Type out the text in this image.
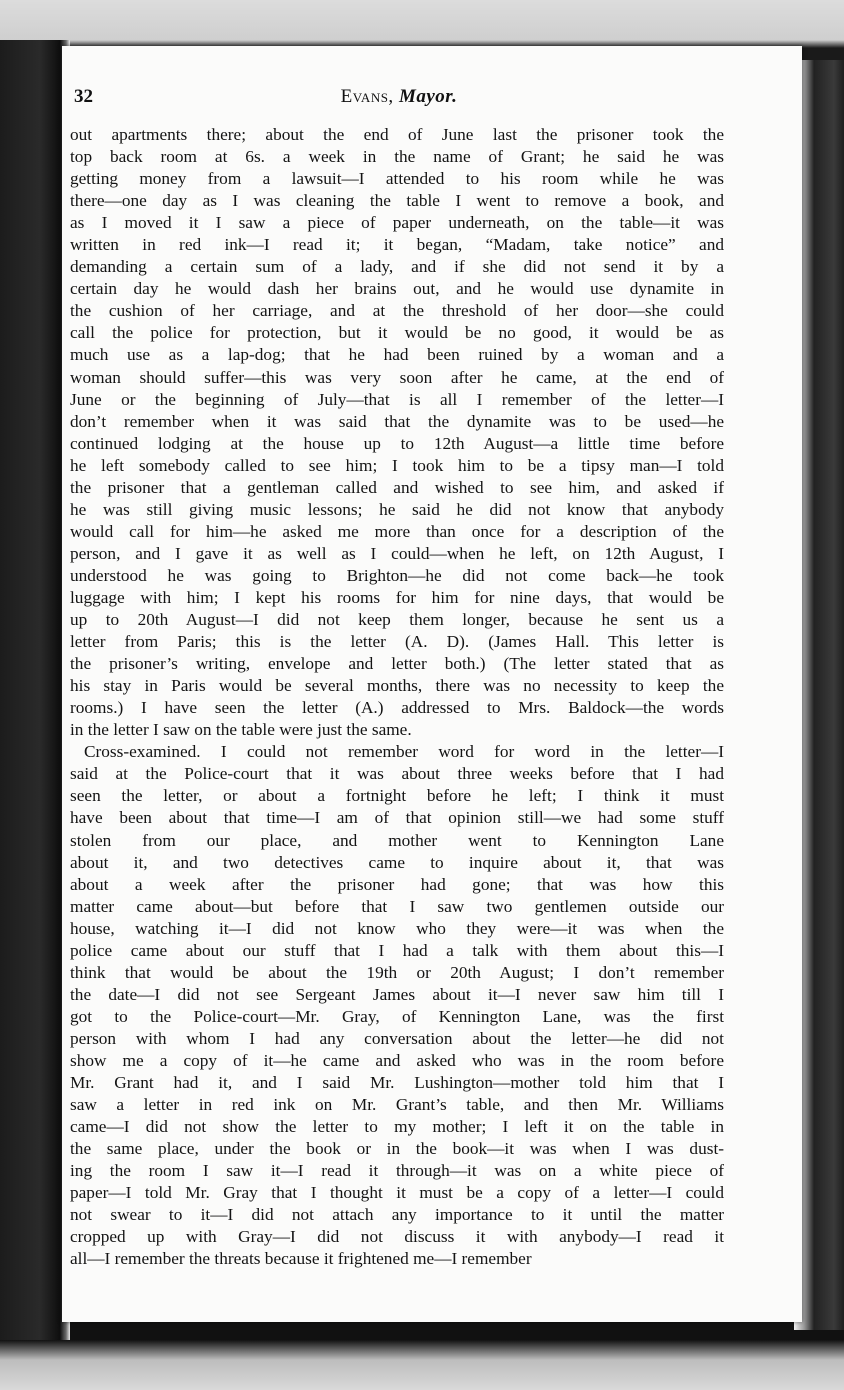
32	Evans, Mayor.
out apartments there; about the end of June last the prisoner took the
top back room at 6s. a week in the name of Grant; he said he was
getting money from a lawsuit—I attended to his room while he was
there—one day as I was cleaning the table I went to remove a book, and
as I moved it I saw a piece of paper underneath, on the table—it was
written in red ink—I read it; it began, “Madam, take notice” and
demanding a certain sum of a lady, and if she did not send it by a
certain day he would dash her brains out, and he would use dynamite in
the cushion of her carriage, and at the threshold of her door—she could
call the police for protection, but it would be no good, it would be as
much use as a lap-dog; that he had been ruined by a woman and a
woman should suffer—this was very soon after he came, at the end of
June or the beginning of July—that is all I remember of the letter—I
don’t remember when it was said that the dynamite was to be used—he
continued lodging at the house up to 12th August—a little time before
he left somebody called to see him; I took him to be a tipsy man—I told
the prisoner that a gentleman called and wished to see him, and asked if
he was still giving music lessons; he said he did not know that anybody
would call for him—he asked me more than once for a description of the
person, and I gave it as well as I could—when he left, on 12th August, I
understood he was going to Brighton—he did not come back—he took
luggage with him; I kept his rooms for him for nine days, that would be
up to 20th August—I did not keep them longer, because he sent us a
letter from Paris; this is the letter (A. D). (James Hall. This letter is
the prisoner’s writing, envelope and letter both.) (The letter stated that as
his stay in Paris would be several months, there was no necessity to keep the
rooms.) I have seen the letter (A.) addressed to Mrs. Baldock—the words
in the letter I saw on the table were just the same.
Cross-examined. I could not remember word for word in the letter—I
said at the Police-court that it was about three weeks before that I had
seen the letter, or about a fortnight before he left; I think it must
have been about that time—I am of that opinion still—we had some stuff
stolen from our place, and mother went to Kennington Lane
about it, and two detectives came to inquire about it, that was
about a week after the prisoner had gone; that was how this
matter came about—but before that I saw two gentlemen outside our
house, watching it—I did not know who they were—it was when the
police came about our stuff that I had a talk with them about this—I
think that would be about the 19th or 20th August; I don’t remember
the date—I did not see Sergeant James about it—I never saw him till I
got to the Police-court—Mr. Gray, of Kennington Lane, was the first
person with whom I had any conversation about the letter—he did not
show me a copy of it—he came and asked who was in the room before
Mr. Grant had it, and I said Mr. Lushington—mother told him that I
saw a letter in red ink on Mr. Grant’s table, and then Mr. Williams
came—I did not show the letter to my mother; I left it on the table in
the same place, under the book or in the book—it was when I was dust-
ing the room I saw it—I read it through—it was on a white piece of
paper—I told Mr. Gray that I thought it must be a copy of a letter—I could
not swear to it—I did not attach any importance to it until the matter
cropped up with Gray—I did not discuss it with anybody—I read it
all—I remember the threats because it frightened me—I remember
